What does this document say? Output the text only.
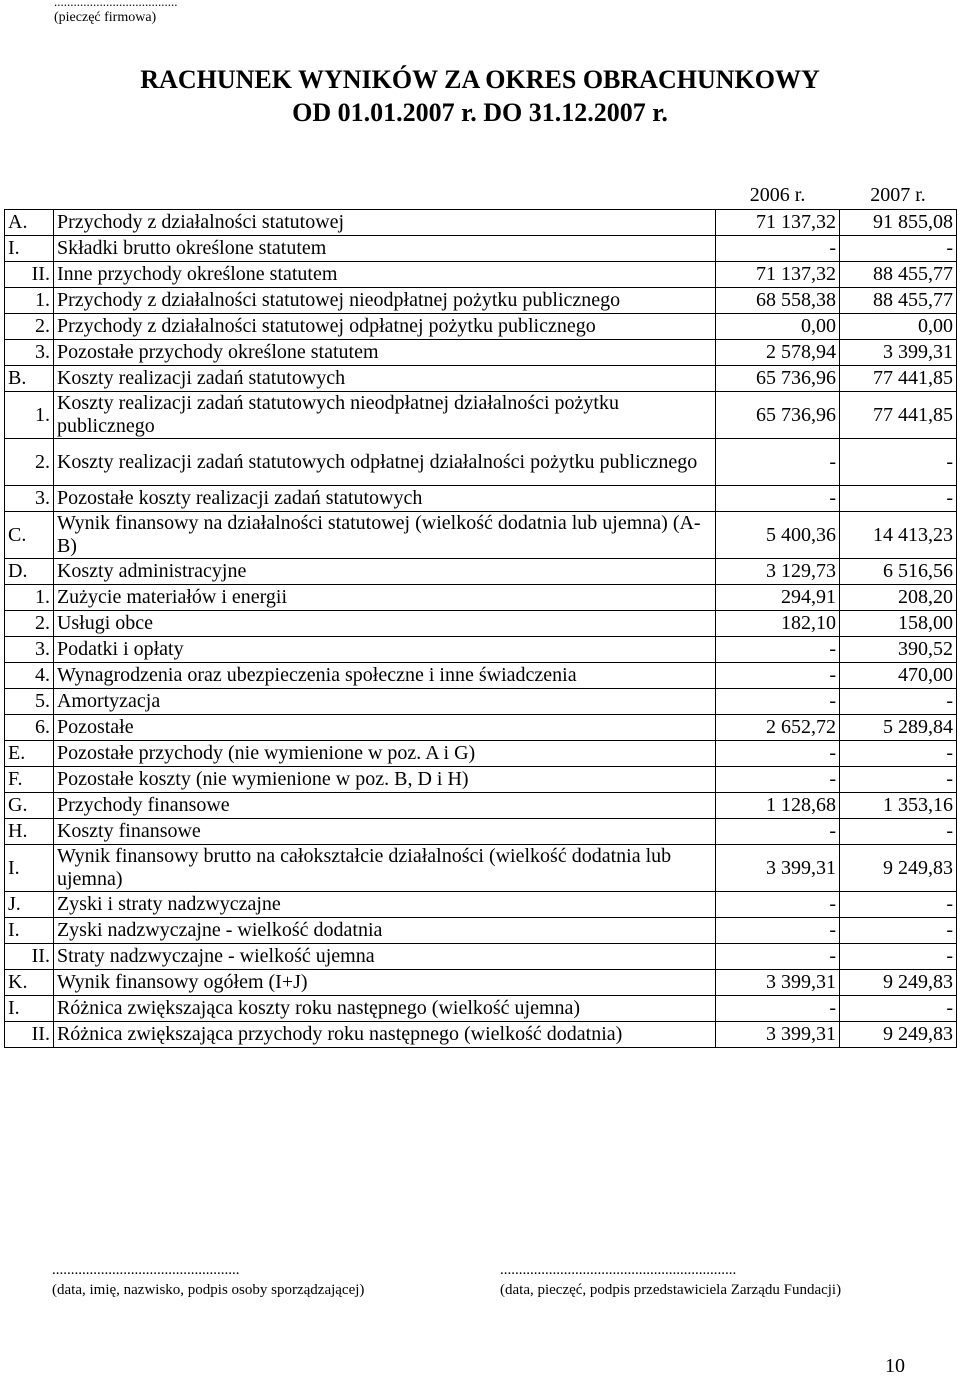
......................................
(pieczęć firmowa)
RACHUNEK WYNIKÓW ZA OKRES OBRACHUNKOWY
OD 01.01.2007 r. DO 31.12.2007 r.
		2006 r.	2007 r.
A.	Przychody z działalności statutowej	71 137,32	91 855,08
I.	Składki brutto określone statutem	-	-
II.	Inne przychody określone statutem	71 137,32	88 455,77
1.	Przychody z działalności statutowej nieodpłatnej pożytku publicznego	68 558,38	88 455,77
2.	Przychody z działalności statutowej odpłatnej pożytku publicznego	0,00	0,00
3.	Pozostałe przychody określone statutem	2 578,94	3 399,31
B.	Koszty realizacji zadań statutowych	65 736,96	77 441,85
1.	Koszty realizacji zadań statutowych nieodpłatnej działalności pożytku publicznego	65 736,96	77 441,85
2.	Koszty realizacji zadań statutowych odpłatnej działalności pożytku publicznego	-	-
3.	Pozostałe koszty realizacji zadań statutowych	-	-
C.	Wynik finansowy na działalności statutowej (wielkość dodatnia lub ujemna) (A-B)	5 400,36	14 413,23
D.	Koszty administracyjne	3 129,73	6 516,56
1.	Zużycie materiałów i energii	294,91	208,20
2.	Usługi obce	182,10	158,00
3.	Podatki i opłaty	-	390,52
4.	Wynagrodzenia oraz ubezpieczenia społeczne i inne świadczenia	-	470,00
5.	Amortyzacja	-	-
6.	Pozostałe	2 652,72	5 289,84
E.	Pozostałe przychody (nie wymienione w poz. A i G)	-	-
F.	Pozostałe koszty (nie wymienione w poz. B, D i H)	-	-
G.	Przychody finansowe	1 128,68	1 353,16
H.	Koszty finansowe	-	-
I.	Wynik finansowy brutto na całokształcie działalności (wielkość dodatnia lub ujemna)	3 399,31	9 249,83
J.	Zyski i straty nadzwyczajne	-	-
I.	Zyski nadzwyczajne - wielkość dodatnia	-	-
II.	Straty nadzwyczajne - wielkość ujemna	-	-
K.	Wynik finansowy ogółem (I+J)	3 399,31	9 249,83
I.	Różnica zwiększająca koszty roku następnego (wielkość ujemna)	-	-
II.	Różnica zwiększająca przychody roku następnego (wielkość dodatnia)	3 399,31	9 249,83
..................................................
(data, imię, nazwisko, podpis osoby sporządzającej)
...............................................................
(data, pieczęć, podpis przedstawiciela Zarządu Fundacji)
10
